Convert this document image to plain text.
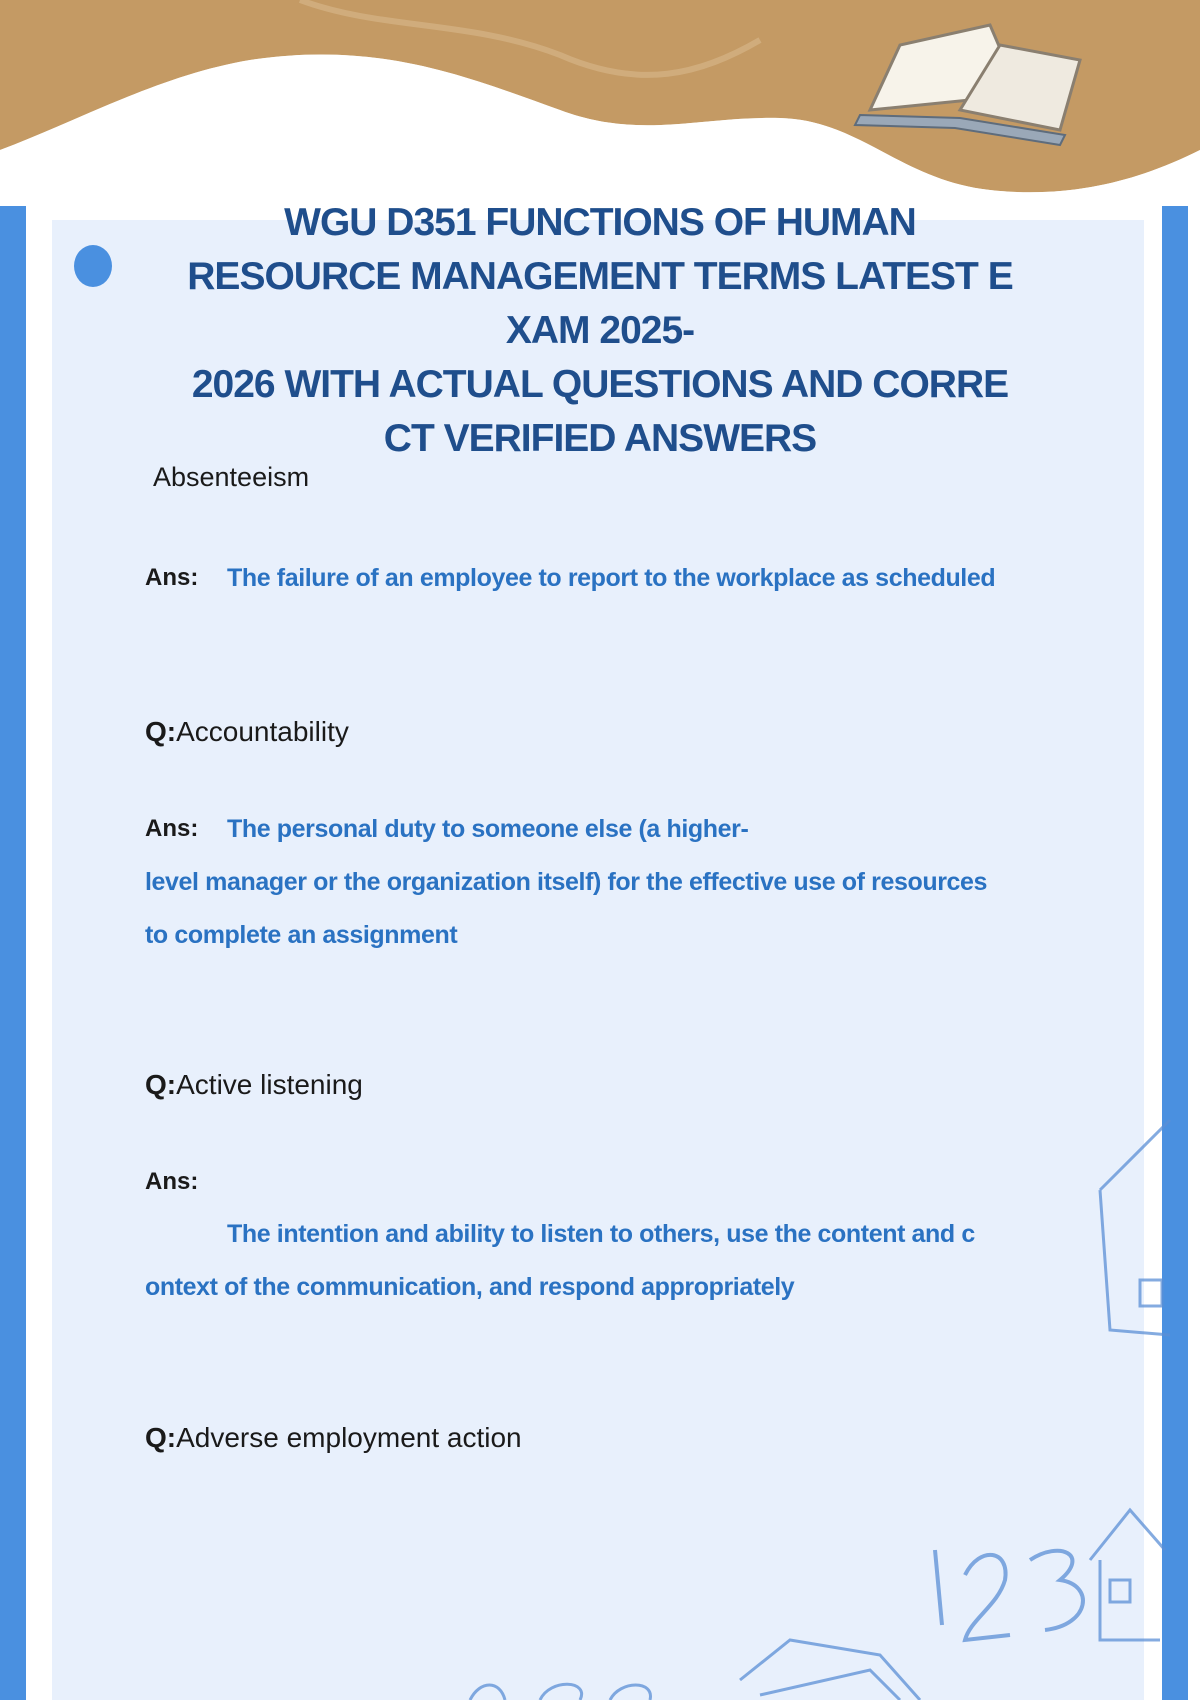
WGU D351 FUNCTIONS OF HUMAN
RESOURCE MANAGEMENT TERMS LATEST E
XAM 2025-
2026 WITH ACTUAL QUESTIONS AND CORRE
CT VERIFIED ANSWERS
Absenteeism
Ans:	The failure of an employee to report to the workplace as scheduled
Q:Accountability
Ans:	The personal duty to someone else (a higher-
level manager or the organization itself) for the effective use of resources
to complete an assignment
Q:Active listening
Ans:
The intention and ability to listen to others, use the content and c
ontext of the communication, and respond appropriately
Q:Adverse employment action
